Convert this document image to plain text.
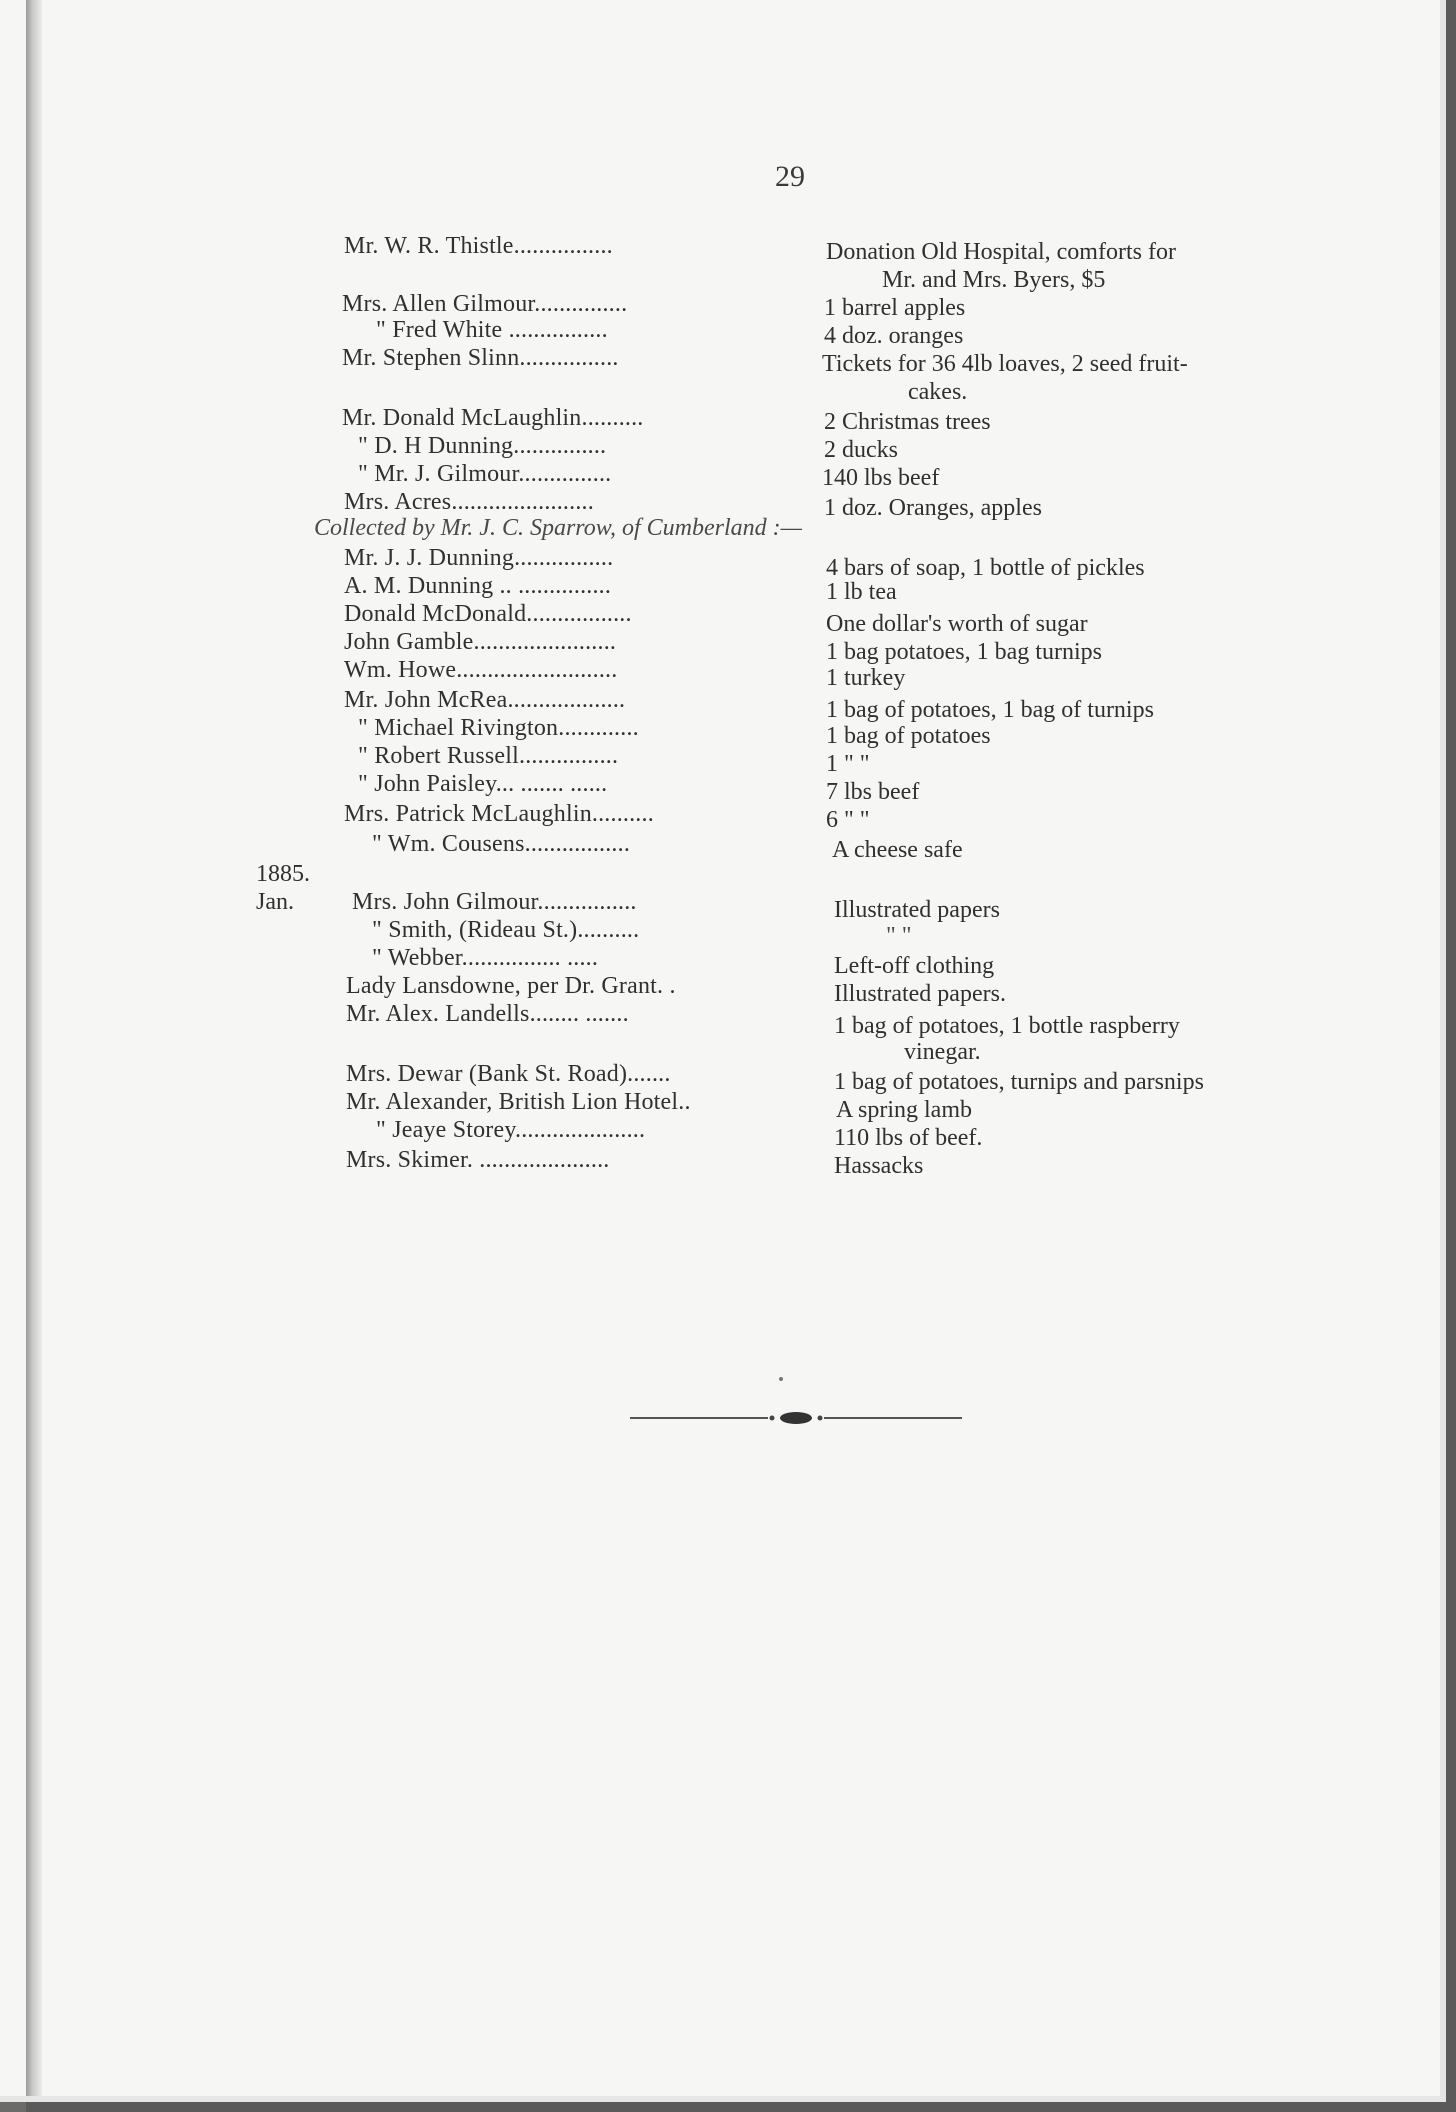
29
1885.
Jan.
Mr. W. R. Thistle................	Donation Old Hospital, comforts for
Mr. and Mrs. Byers, $5
Mrs. Allen Gilmour...............	1 barrel apples
" Fred White ................	4 doz. oranges
Mr. Stephen Slinn................	Tickets for 36 4lb loaves, 2 seed fruit-
cakes.
Mr. Donald McLaughlin..........	2 Christmas trees
" D. H Dunning...............	2 ducks
" Mr. J. Gilmour...............	140 lbs beef
Mrs. Acres.......................	1 doz. Oranges, apples
Collected by Mr. J. C. Sparrow, of Cumberland :—
Mr. J. J. Dunning................	4 bars of soap, 1 bottle of pickles
A. M. Dunning .. ...............	1 lb tea
Donald McDonald.................	One dollar's worth of sugar
John Gamble.......................	1 bag potatoes, 1 bag turnips
Wm. Howe..........................	1 turkey
Mr. John McRea...................	1 bag of potatoes, 1 bag of turnips
" Michael Rivington.............	1 bag of potatoes
" Robert Russell................	1 " "
" John Paisley... ....... ......	7 lbs beef
Mrs. Patrick McLaughlin..........	6 " "
" Wm. Cousens.................	A cheese safe
Mrs. John Gilmour................	Illustrated papers
" Smith, (Rideau St.)..........	" "
" Webber................ .....	Left-off clothing
Lady Lansdowne, per Dr. Grant. .	Illustrated papers.
Mr. Alex. Landells........ .......	1 bag of potatoes, 1 bottle raspberry
vinegar.
Mrs. Dewar (Bank St. Road).......	1 bag of potatoes, turnips and parsnips
Mr. Alexander, British Lion Hotel..	A spring lamb
" Jeaye Storey.....................	110 lbs of beef.
Mrs. Skimer. .....................	Hassacks
